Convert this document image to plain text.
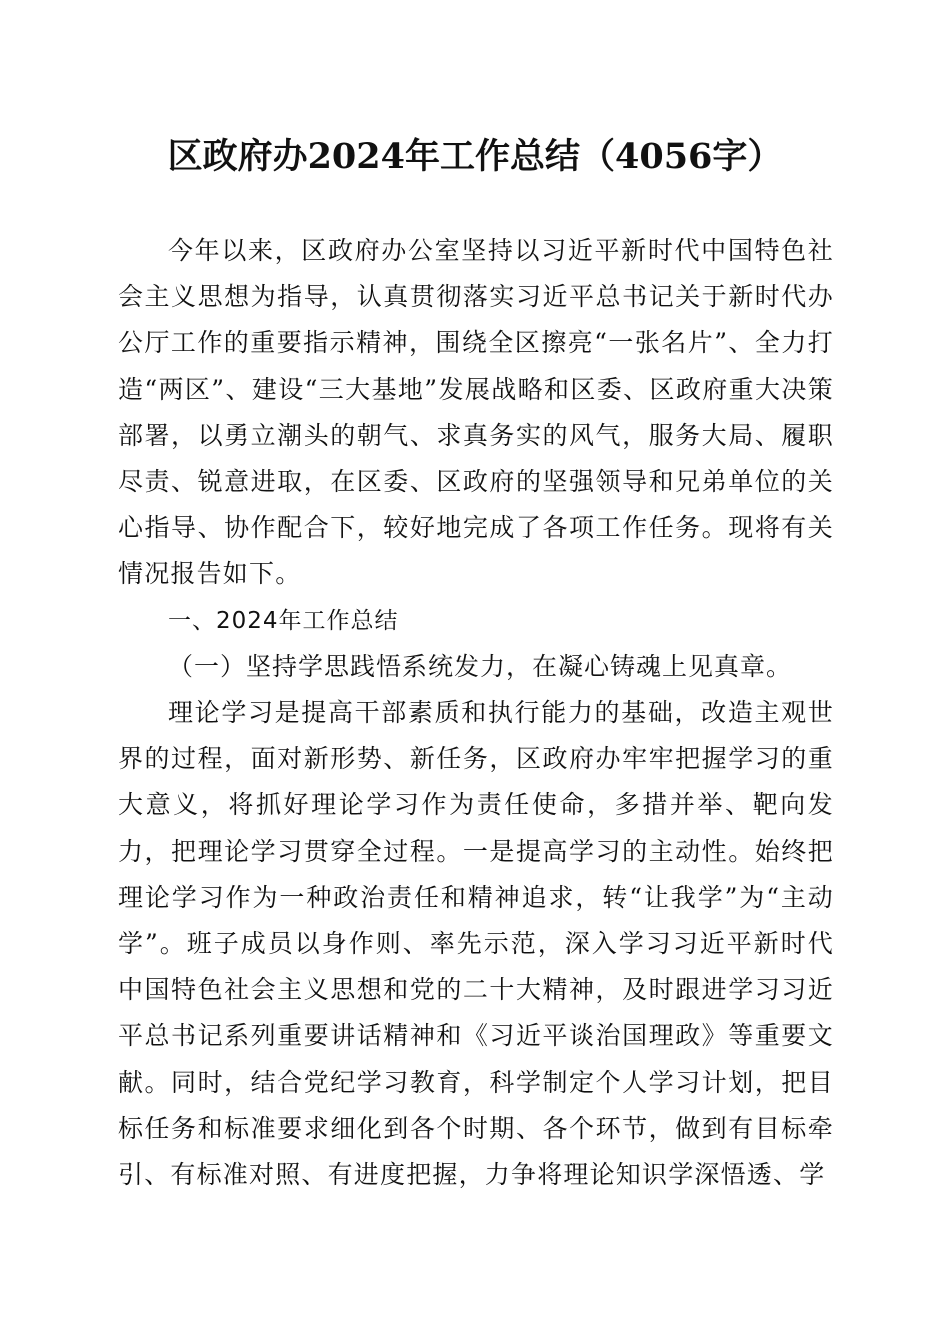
区政府办2024年工作总结（4056字）

今年以来，区政府办公室坚持以习近平新时代中国特色社会主义思想为指导，认真贯彻落实习近平总书记关于新时代办公厅工作的重要指示精神，围绕全区擦亮“一张名片”、全力打造“两区”、建设“三大基地”发展战略和区委、区政府重大决策部署，以勇立潮头的朝气、求真务实的风气，服务大局、履职尽责、锐意进取，在区委、区政府的坚强领导和兄弟单位的关心指导、协作配合下，较好地完成了各项工作任务。现将有关情况报告如下。

一、2024年工作总结

（一）坚持学思践悟系统发力，在凝心铸魂上见真章。

理论学习是提高干部素质和执行能力的基础，改造主观世界的过程，面对新形势、新任务，区政府办牢牢把握学习的重大意义，将抓好理论学习作为责任使命，多措并举、靶向发力，把理论学习贯穿全过程。一是提高学习的主动性。始终把理论学习作为一种政治责任和精神追求，转“让我学”为“主动学”。班子成员以身作则、率先示范，深入学习习近平新时代中国特色社会主义思想和党的二十大精神，及时跟进学习习近平总书记系列重要讲话精神和《习近平谈治国理政》等重要文献。同时，结合党纪学习教育，科学制定个人学习计划，把目标任务和标准要求细化到各个时期、各个环节，做到有目标牵引、有标准对照、有进度把握，力争将理论知识学深悟透、学
